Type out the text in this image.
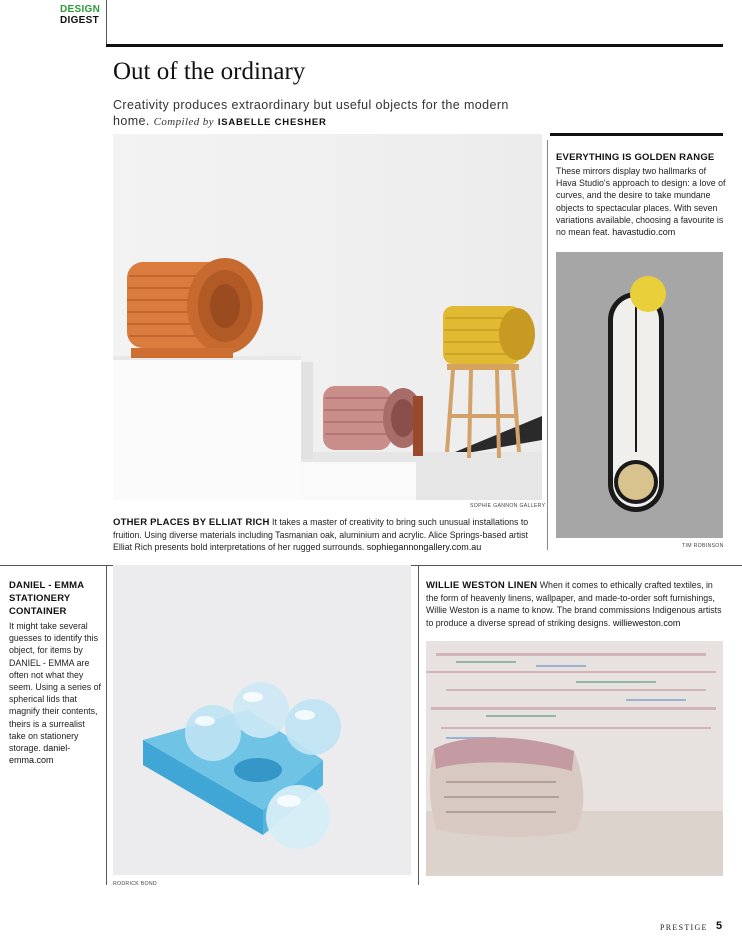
DESIGN
DIGEST
Out of the ordinary
Creativity produces extraordinary but useful objects for the modern home. Compiled by ISABELLE CHESHER
SOPHIE GANNON GALLERY
OTHER PLACES BY ELLIAT RICH It takes a master of creativity to bring such unusual installations to fruition. Using diverse materials including Tasmanian oak, aluminium and acrylic. Alice Springs-based artist Elliat Rich presents bold interpretations of her rugged surrounds. sophiegannongallery.com.au
EVERYTHING IS GOLDEN RANGE
These mirrors display two hallmarks of Hava Studio's approach to design: a love of curves, and the desire to take mundane objects to spectacular places. With seven variations available, choosing a favourite is no mean feat. havastudio.com
TIM ROBINSON
DANIEL - EMMA STATIONERY CONTAINER
It might take several guesses to identify this object, for items by DANIEL - EMMA are often not what they seem. Using a series of spherical lids that magnify their contents, theirs is a surrealist take on stationery storage. daniel-emma.com
RODRICK BOND
WILLIE WESTON LINEN When it comes to ethically crafted textiles, in the form of heavenly linens, wallpaper, and made-to-order soft furnishings, Willie Weston is a name to know. The brand commissions Indigenous artists to produce a diverse spread of striking designs. willieweston.com
PRESTIGE 5
